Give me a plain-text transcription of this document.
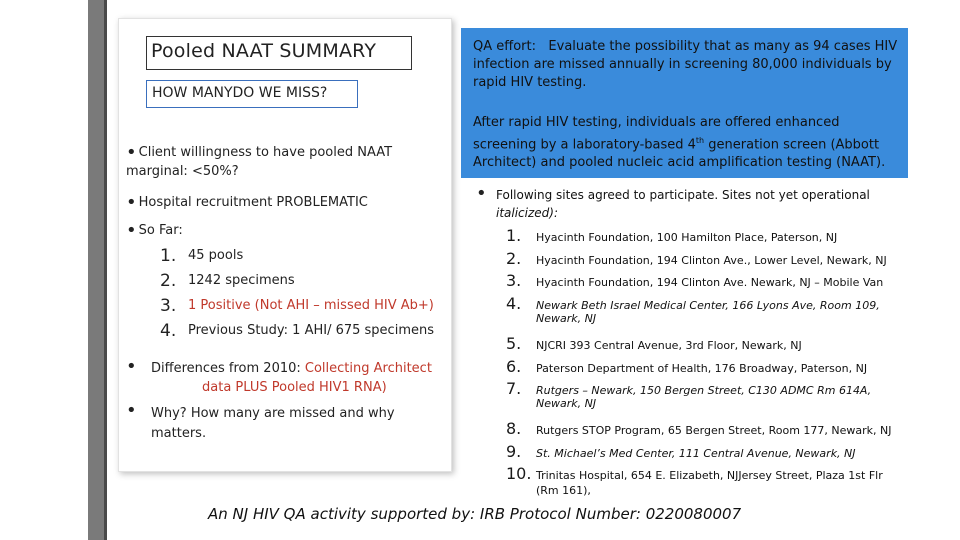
Pooled NAAT SUMMARY
HOW MANYDO WE MISS?
• Client willingness to have pooled NAAT
marginal: <50%?
• Hospital recruitment PROBLEMATIC
• So Far:
1. 45 pools
2. 1242 specimens
3. 1 Positive (Not AHI – missed HIV Ab+)
4. Previous Study: 1 AHI/ 675 specimens
• Differences from 2010: Collecting Architect
data PLUS Pooled HIV1 RNA)
• Why? How many are missed and why
matters.
QA effort: Evaluate the possibility that as many as 94 cases HIV
infection are missed annually in screening 80,000 individuals by
rapid HIV testing.
After rapid HIV testing, individuals are offered enhanced
screening by a laboratory-based 4th generation screen (Abbott
Architect) and pooled nucleic acid amplification testing (NAAT).
• Following sites agreed to participate. Sites not yet operational
italicized):
1. Hyacinth Foundation, 100 Hamilton Place, Paterson, NJ
2. Hyacinth Foundation, 194 Clinton Ave., Lower Level, Newark, NJ
3. Hyacinth Foundation, 194 Clinton Ave. Newark, NJ – Mobile Van
4. Newark Beth Israel Medical Center, 166 Lyons Ave, Room 109,
Newark, NJ
5. NJCRI 393 Central Avenue, 3rd Floor, Newark, NJ
6. Paterson Department of Health, 176 Broadway, Paterson, NJ
7. Rutgers – Newark, 150 Bergen Street, C130 ADMC Rm 614A,
Newark, NJ
8. Rutgers STOP Program, 65 Bergen Street, Room 177, Newark, NJ
9. St. Michael’s Med Center, 111 Central Avenue, Newark, NJ
10. Trinitas Hospital, 654 E. Elizabeth, NJJersey Street, Plaza 1st Flr
(Rm 161),
An NJ HIV QA activity supported by: IRB Protocol Number: 0220080007
